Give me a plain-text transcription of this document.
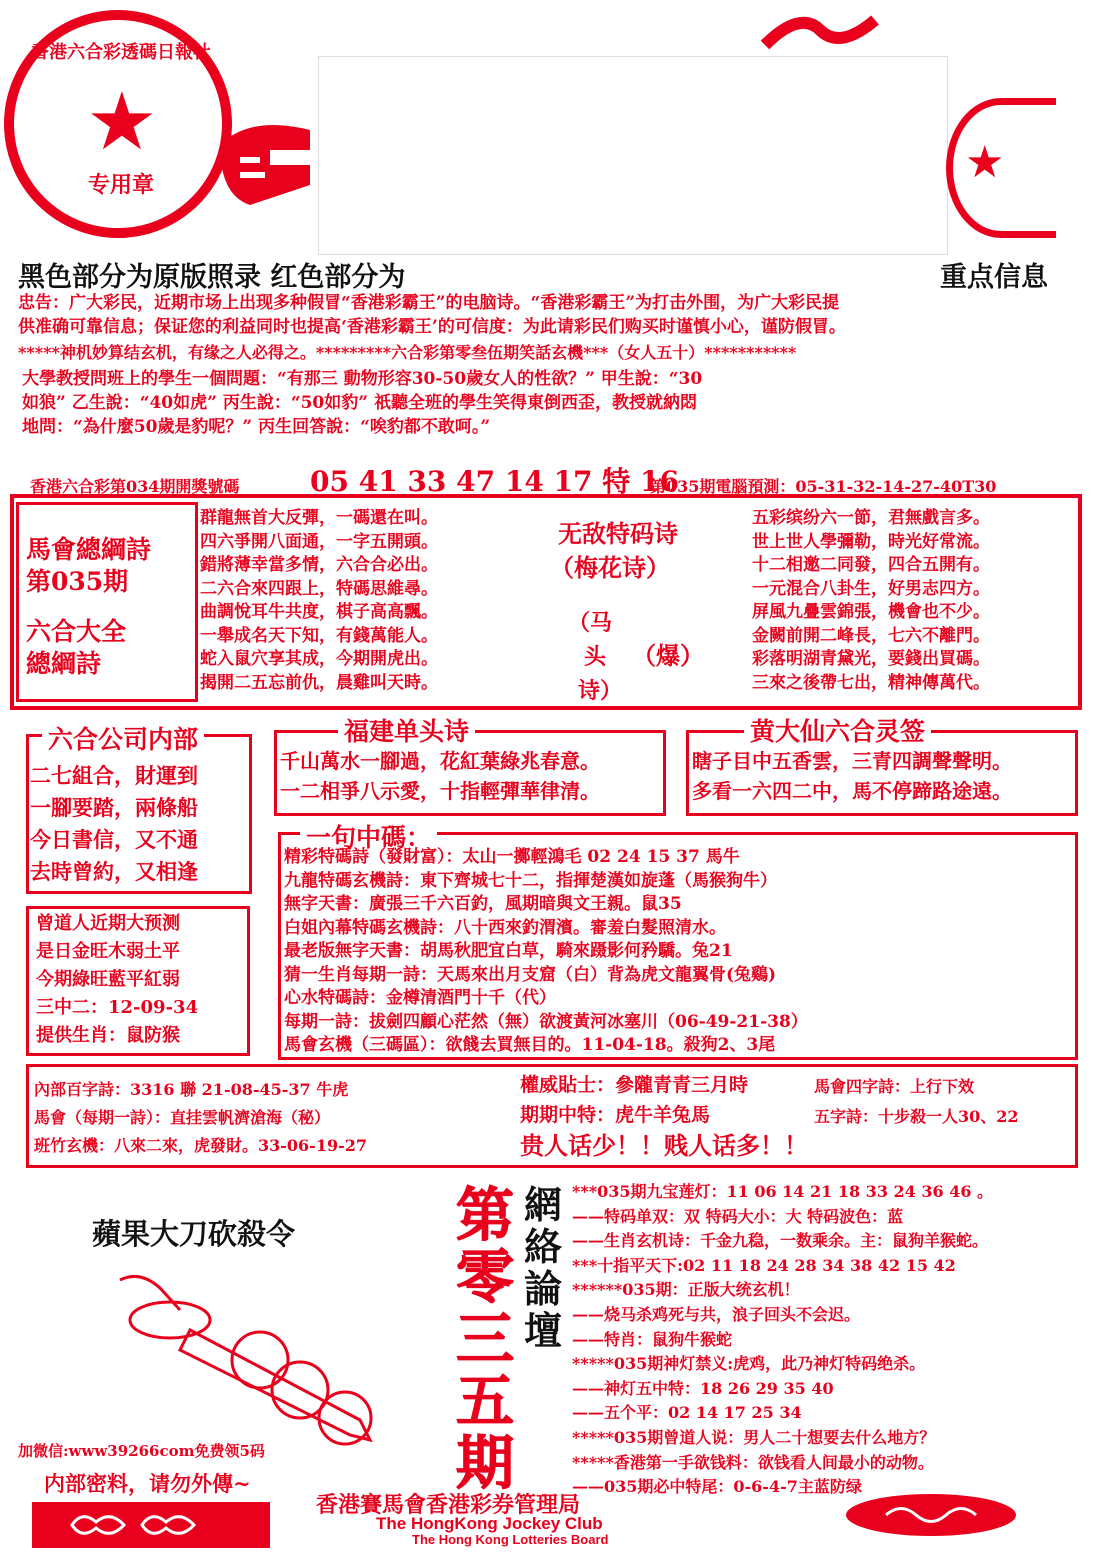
★
香港六合彩透碼日報社
专用章	★
黑色部分为原版照录 红色部分为	重点信息
忠告：广大彩民，近期市场上出现多种假冒“香港彩霸王”的电脑诗。“香港彩霸王”为打击外围，为广大彩民提
供准确可靠信息；保证您的利益同时也提高‘香港彩霸王’的可信度：为此请彩民们购买时谨慎小心，谨防假冒。
*****神机妙算结玄机，有缘之人必得之。*********六合彩第零叁伍期笑話玄機***（女人五十）***********
大學教授問班上的學生一個問題：“有那三 動物形容30-50歲女人的性欲？” 甲生說：“30
如狼” 乙生說：“40如虎” 丙生說：“50如豹” 祇聽全班的學生笑得東倒西歪，教授就納悶
地問：“為什麼50歲是豹呢？” 丙生回答說：“唉豹都不敢呵。”
香港六合彩第034期開獎號碼	05 41 33 47 14 17 特 16
第035期電腦預測：05-31-32-14-27-40T30
馬會總綱詩
第035期
六合大全
總綱詩
群龍無首大反彈，一碼還在叫。
四六爭開八面通，一字五開頭。
錯將薄幸當多情，六合合必出。
二六合來四跟上，特碼思維尋。
曲調悅耳牛共度，棋子高高飄。
一舉成名天下知，有錢萬能人。
蛇入鼠穴享其成，今期開虎出。
揭開二五忘前仇，晨雞叫天時。
无敌特码诗
（梅花诗）
（马
头
诗）
（爆）
五彩缤纷六一節，君無戲言多。
世上世人學彌勒，時光好常流。
十二相邀二同發，四合五開有。
一元混合八卦生，好男志四方。
屏風九疊雲錦張，機會也不少。
金闕前開二峰長，七六不離門。
彩落明湖青黛光，要錢出買碼。
三來之後帶七出，精神傳萬代。
六合公司内部
二七組合，財運到
一腳要踏，兩條船
今日書信，又不通
去時曾約，又相逢
福建单头诗
千山萬水一腳過，花紅葉綠兆春意。
一二相爭八示愛，十指輕彈華律清。
黄大仙六合灵签
瞎子目中五香雲，三青四調聲聲明。
多看一六四二中，馬不停蹄路途遠。
曾道人近期大预测
是日金旺木弱土平
今期綠旺藍平紅弱
三中二：12-09-34
提供生肖：鼠防猴
一句中碼：
精彩特碼詩（發財富）：太山一擲輕鴻毛 02 24 15 37 馬牛
九龍特碼玄機詩：東下齊城七十二，指揮楚漢如旋蓬（馬猴狗牛）
無字天書：廣張三千六百釣，風期暗與文王親。鼠35
白姐內幕特碼玄機詩：八十西來釣渭濱。審羞白髮照清水。
最老版無字天書：胡馬秋肥宜白草，騎來蹑影何矜驕。兔21
猜一生肖每期一詩：天馬來出月支窟（白）背為虎文龍翼骨(兔鷄)
心水特碼詩：金樽清酒門十千（代）
每期一詩：拔劍四顧心茫然（無）欲渡黃河冰塞川（06-49-21-38）
馬會玄機（三碼區）：欲餞去買無目的。11-04-18。殺狗2、3尾
內部百字詩：3316 聯 21-08-45-37 牛虎
馬會（每期一詩）：直挂雲帆濟滄海（秘）
班竹玄機：八來二來，虎發財。33-06-19-27
權威貼士：參隴青青三月時
期期中特：虎牛羊兔馬
贵人话少！！贱人话多！！
馬會四字詩：上行下效
五字詩：十步殺一人30、22
蘋果大刀砍殺令
加微信:www39266com免费领5码
内部密料，请勿外傳~
第零三五期
網絡論壇
***035期九宝莲灯：11 06 14 21 18 33 24 36 46 。
——特码单双：双 特码大小：大 特码波色：蓝
——生肖玄机诗：千金九稳，一数乘余。主：鼠狗羊猴蛇。
***十指平天下:02 11 18 24 28 34 38 42 15 42
******035期：正版大统玄机！
——烧马杀鸡死与共，浪子回头不会迟。
——特肖：鼠狗牛猴蛇
*****035期神灯禁义:虎鸡，此乃神灯特码绝杀。
——神灯五中特：18 26 29 35 40
——五个平：02 14 17 25 34
*****035期曾道人说：男人二十想要去什么地方？
*****香港第一手欲钱料：欲钱看人间最小的动物。
——035期必中特尾：0-6-4-7主蓝防绿
香港賽馬會香港彩券管理局
The HongKong Jockey Club
The Hong Kong Lotteries Board
